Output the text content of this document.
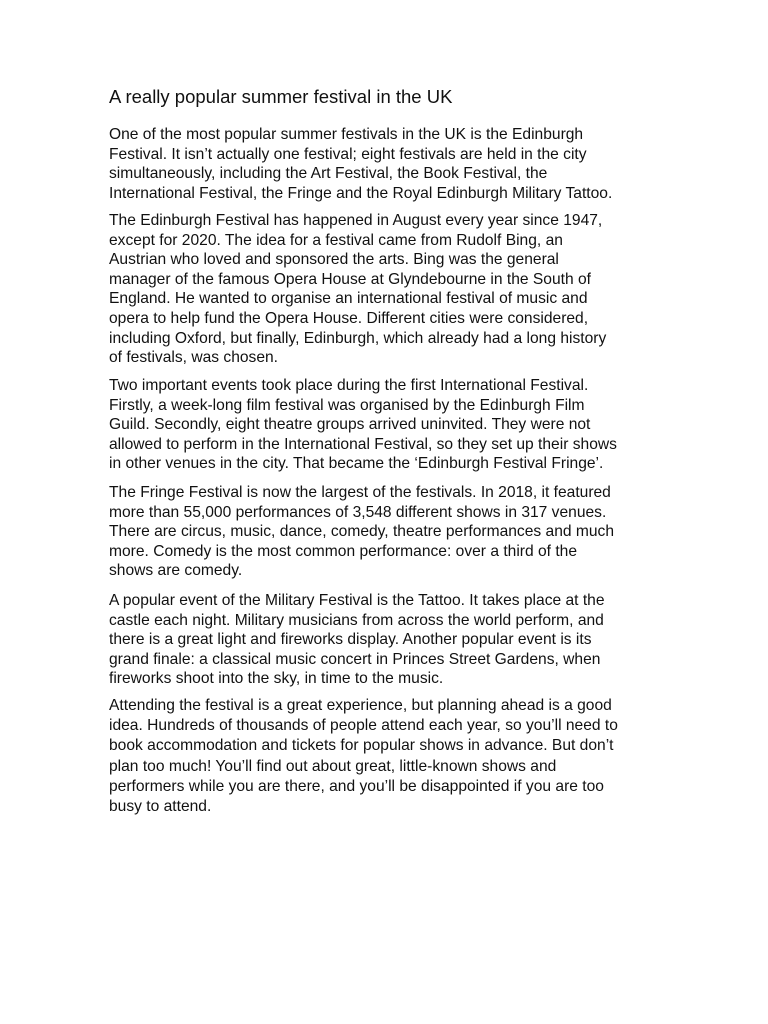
A really popular summer festival in the UK

One of the most popular summer festivals in the UK is the Edinburgh
Festival. It isn’t actually one festival; eight festivals are held in the city
simultaneously, including the Art Festival, the Book Festival, the
International Festival, the Fringe and the Royal Edinburgh Military Tattoo.

The Edinburgh Festival has happened in August every year since 1947,
except for 2020. The idea for a festival came from Rudolf Bing, an
Austrian who loved and sponsored the arts. Bing was the general
manager of the famous Opera House at Glyndebourne in the South of
England. He wanted to organise an international festival of music and
opera to help fund the Opera House. Different cities were considered,
including Oxford, but finally, Edinburgh, which already had a long history
of festivals, was chosen.

Two important events took place during the first International Festival.
Firstly, a week-long film festival was organised by the Edinburgh Film
Guild. Secondly, eight theatre groups arrived uninvited. They were not
allowed to perform in the International Festival, so they set up their shows
in other venues in the city. That became the ‘Edinburgh Festival Fringe’.

The Fringe Festival is now the largest of the festivals. In 2018, it featured
more than 55,000 performances of 3,548 different shows in 317 venues.
There are circus, music, dance, comedy, theatre performances and much
more. Comedy is the most common performance: over a third of the
shows are comedy.

A popular event of the Military Festival is the Tattoo. It takes place at the
castle each night. Military musicians from across the world perform, and
there is a great light and fireworks display. Another popular event is its
grand finale: a classical music concert in Princes Street Gardens, when
fireworks shoot into the sky, in time to the music.

Attending the festival is a great experience, but planning ahead is a good
idea. Hundreds of thousands of people attend each year, so you’ll need to
book accommodation and tickets for popular shows in advance. But don’t
plan too much! You’ll find out about great, little-known shows and
performers while you are there, and you’ll be disappointed if you are too
busy to attend.
